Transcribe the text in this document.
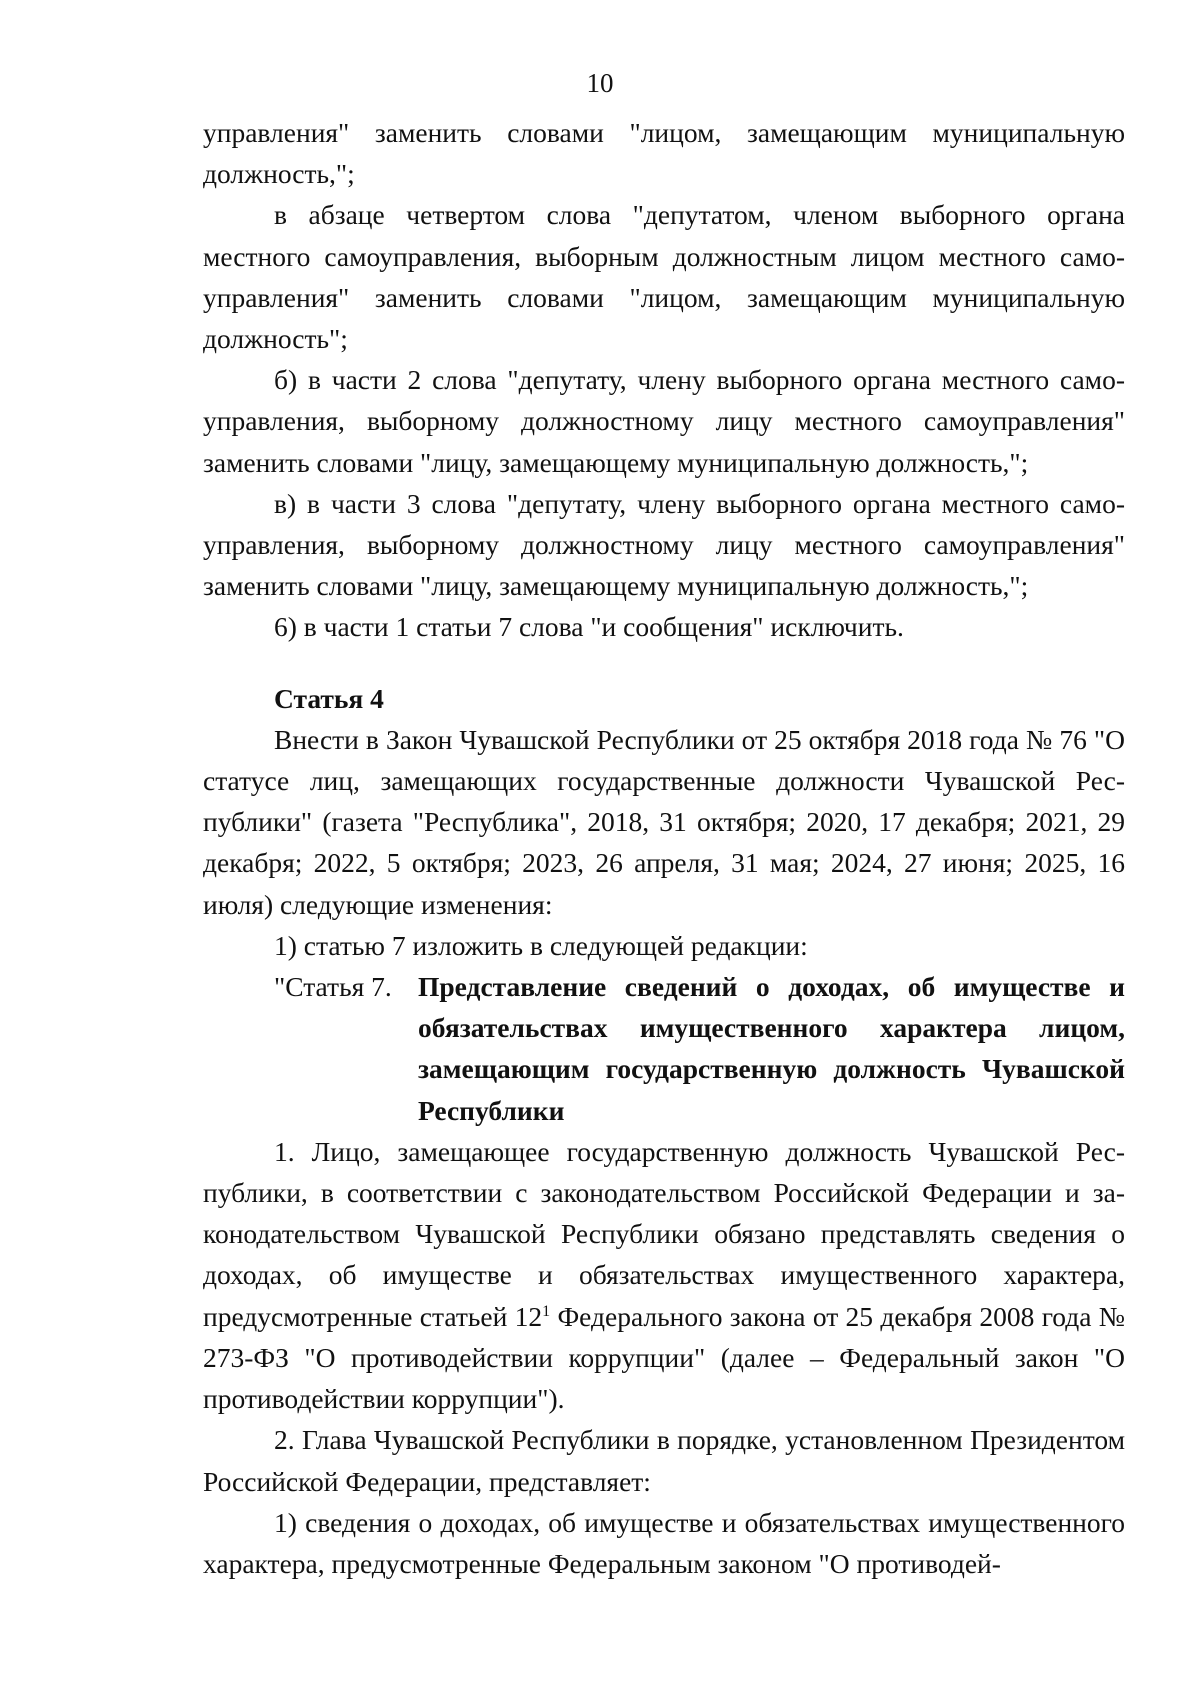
10

управления" заменить словами "лицом, замещающим муниципальную должность,";

в абзаце четвертом слова "депутатом, членом выборного органа местного самоуправления, выборным должностным лицом местного самоуправления" заменить словами "лицом, замещающим муниципальную должность";

б) в части 2 слова "депутату, члену выборного органа местного самоуправления, выборному должностному лицу местного самоуправления" заменить словами "лицу, замещающему муниципальную должность,";

в) в части 3 слова "депутату, члену выборного органа местного самоуправления, выборному должностному лицу местного самоуправления" заменить словами "лицу, замещающему муниципальную должность,";

6) в части 1 статьи 7 слова "и сообщения" исключить.

Статья 4

Внести в Закон Чувашской Республики от 25 октября 2018 года № 76 "О статусе лиц, замещающих государственные должности Чувашской Республики" (газета "Республика", 2018, 31 октября; 2020, 17 декабря; 2021, 29 декабря; 2022, 5 октября; 2023, 26 апреля, 31 мая; 2024, 27 июня; 2025, 16 июля) следующие изменения:

1) статью 7 изложить в следующей редакции:

"Статья 7. Представление сведений о доходах, об имуществе и обязательствах имущественного характера лицом, замещающим государственную должность Чувашской Республики

1. Лицо, замещающее государственную должность Чувашской Республики, в соответствии с законодательством Российской Федерации и законодательством Чувашской Республики обязано представлять сведения о доходах, об имуществе и обязательствах имущественного характера, предусмотренные статьей $12^1$ Федерального закона от 25 декабря 2008 года № 273-ФЗ "О противодействии коррупции" (далее – Федеральный закон "О противодействии коррупции").

2. Глава Чувашской Республики в порядке, установленном Президентом Российской Федерации, представляет:

1) сведения о доходах, об имуществе и обязательствах имущественного характера, предусмотренные Федеральным законом "О противодей-
